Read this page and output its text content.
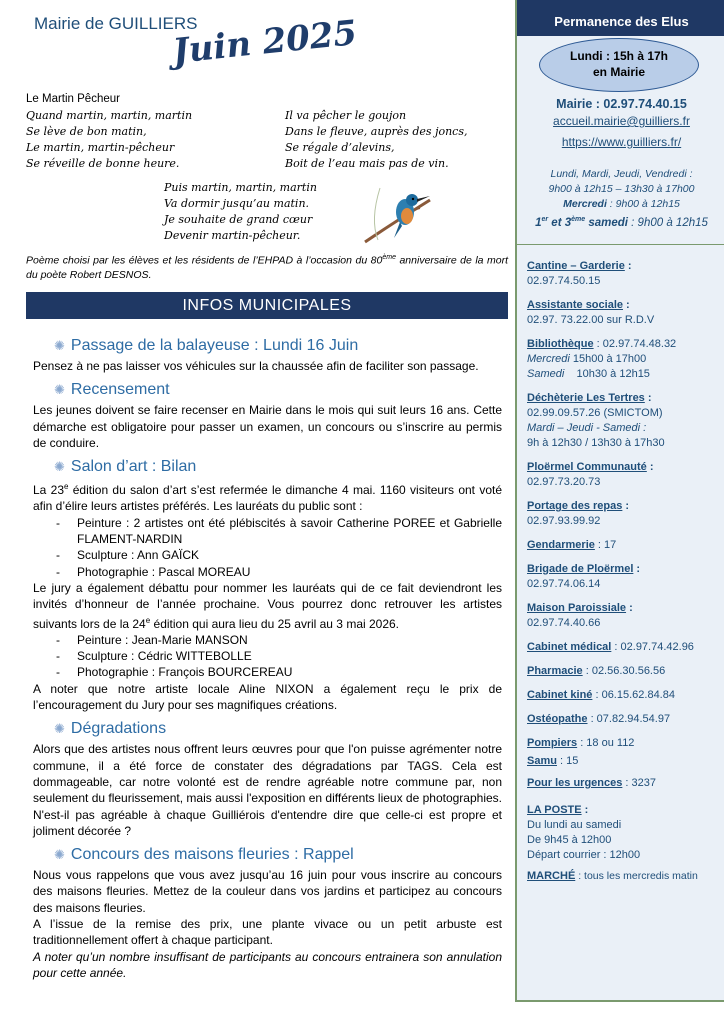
Mairie de GUILLIERS
Juin 2025
Le Martin Pêcheur
Quand martin, martin, martin
Se lève de bon matin,
Le martin, martin-pêcheur
Se réveille de bonne heure.
Il va pêcher le goujon
Dans le fleuve, auprès des joncs,
Se régale d’alevins,
Boit de l’eau mais pas de vin.
Puis martin, martin, martin
Va dormir jusqu’au matin.
Je souhaite de grand cœur
Devenir martin-pêcheur.
Poème choisi par les élèves et les résidents de l’EHPAD à l’occasion du 80ème anniversaire de la mort du poète Robert DESNOS.
INFOS MUNICIPALES
✺ Passage de la balayeuse : Lundi 16 Juin

Pensez à ne pas laisser vos véhicules sur la chaussée afin de faciliter son passage.

✺ Recensement

Les jeunes doivent se faire recenser en Mairie dans le mois qui suit leurs 16 ans. Cette démarche est obligatoire pour passer un examen, un concours ou s’inscrire au permis de conduire.

✺ Salon d’art : Bilan

La 23e édition du salon d’art s’est refermée le dimanche 4 mai. 1160 visiteurs ont voté afin d’élire leurs artistes préférés. Les lauréats du public sont :

- Peinture : 2 artistes ont été plébiscités à savoir Catherine POREE et Gabrielle FLAMENT-NARDIN
- Sculpture : Ann GAÏCK
- Photographie : Pascal MOREAU

Le jury a également débattu pour nommer les lauréats qui de ce fait deviendront les invités d’honneur de l’année prochaine. Vous pourrez donc retrouver les artistes suivants lors de la 24e édition qui aura lieu du 25 avril au 3 mai 2026.

- Peinture : Jean-Marie MANSON
- Sculpture : Cédric WITTEBOLLE
- Photographie : François BOURCEREAU

A noter que notre artiste locale Aline NIXON a également reçu le prix de l’encouragement du Jury pour ses magnifiques créations.

✺ Dégradations

Alors que des artistes nous offrent leurs œuvres pour que l'on puisse agrémenter notre commune, il a été force de constater des dégradations par TAGS. Cela est dommageable, car notre volonté est de rendre agréable notre commune par, non seulement du fleurissement, mais aussi l'exposition en différents lieux de photographies. N'est-il pas agréable à chaque Guilliérois d'entendre dire que celle-ci est propre et joliment décorée ?

✺ Concours des maisons fleuries : Rappel

Nous vous rappelons que vous avez jusqu’au 16 juin pour vous inscrire au concours des maisons fleuries. Mettez de la couleur dans vos jardins et participez au concours des maisons fleuries.

A l’issue de la remise des prix, une plante vivace ou un petit arbuste est traditionnellement offert à chaque participant.

A noter qu’un nombre insuffisant de participants au concours entrainera son annulation pour cette année.

Permanence des Elus
Lundi : 15h à 17h
en Mairie
Mairie : 02.97.74.40.15
accueil.mairie@guilliers.fr
https://www.guilliers.fr/
Lundi, Mardi, Jeudi, Vendredi :
9h00 à 12h15 – 13h30 à 17h00
Mercredi : 9h00 à 12h15
1er et 3ème samedi : 9h00 à 12h15
Cantine – Garderie :
02.97.74.50.15
Assistante sociale :
02.97. 73.22.00 sur R.D.V
Bibliothèque : 02.97.74.48.32
Mercredi 15h00 à 17h00
Samedi    10h30 à 12h15
Déchèterie Les Tertres :
02.99.09.57.26 (SMICTOM)
Mardi – Jeudi - Samedi :
9h à 12h30 / 13h30 à 17h30
Ploërmel Communauté :
02.97.73.20.73
Portage des repas :
02.97.93.99.92
Gendarmerie : 17
Brigade de Ploërmel :
02.97.74.06.14
Maison Paroissiale :
02.97.74.40.66
Cabinet médical : 02.97.74.42.96
Pharmacie : 02.56.30.56.56
Cabinet kiné : 06.15.62.84.84
Ostéopathe : 07.82.94.54.97
Pompiers : 18 ou 112
Samu : 15
Pour les urgences : 3237
LA POSTE :
Du lundi au samedi
De 9h45 à 12h00
Départ courrier : 12h00
MARCHÉ : tous les mercredis matin
